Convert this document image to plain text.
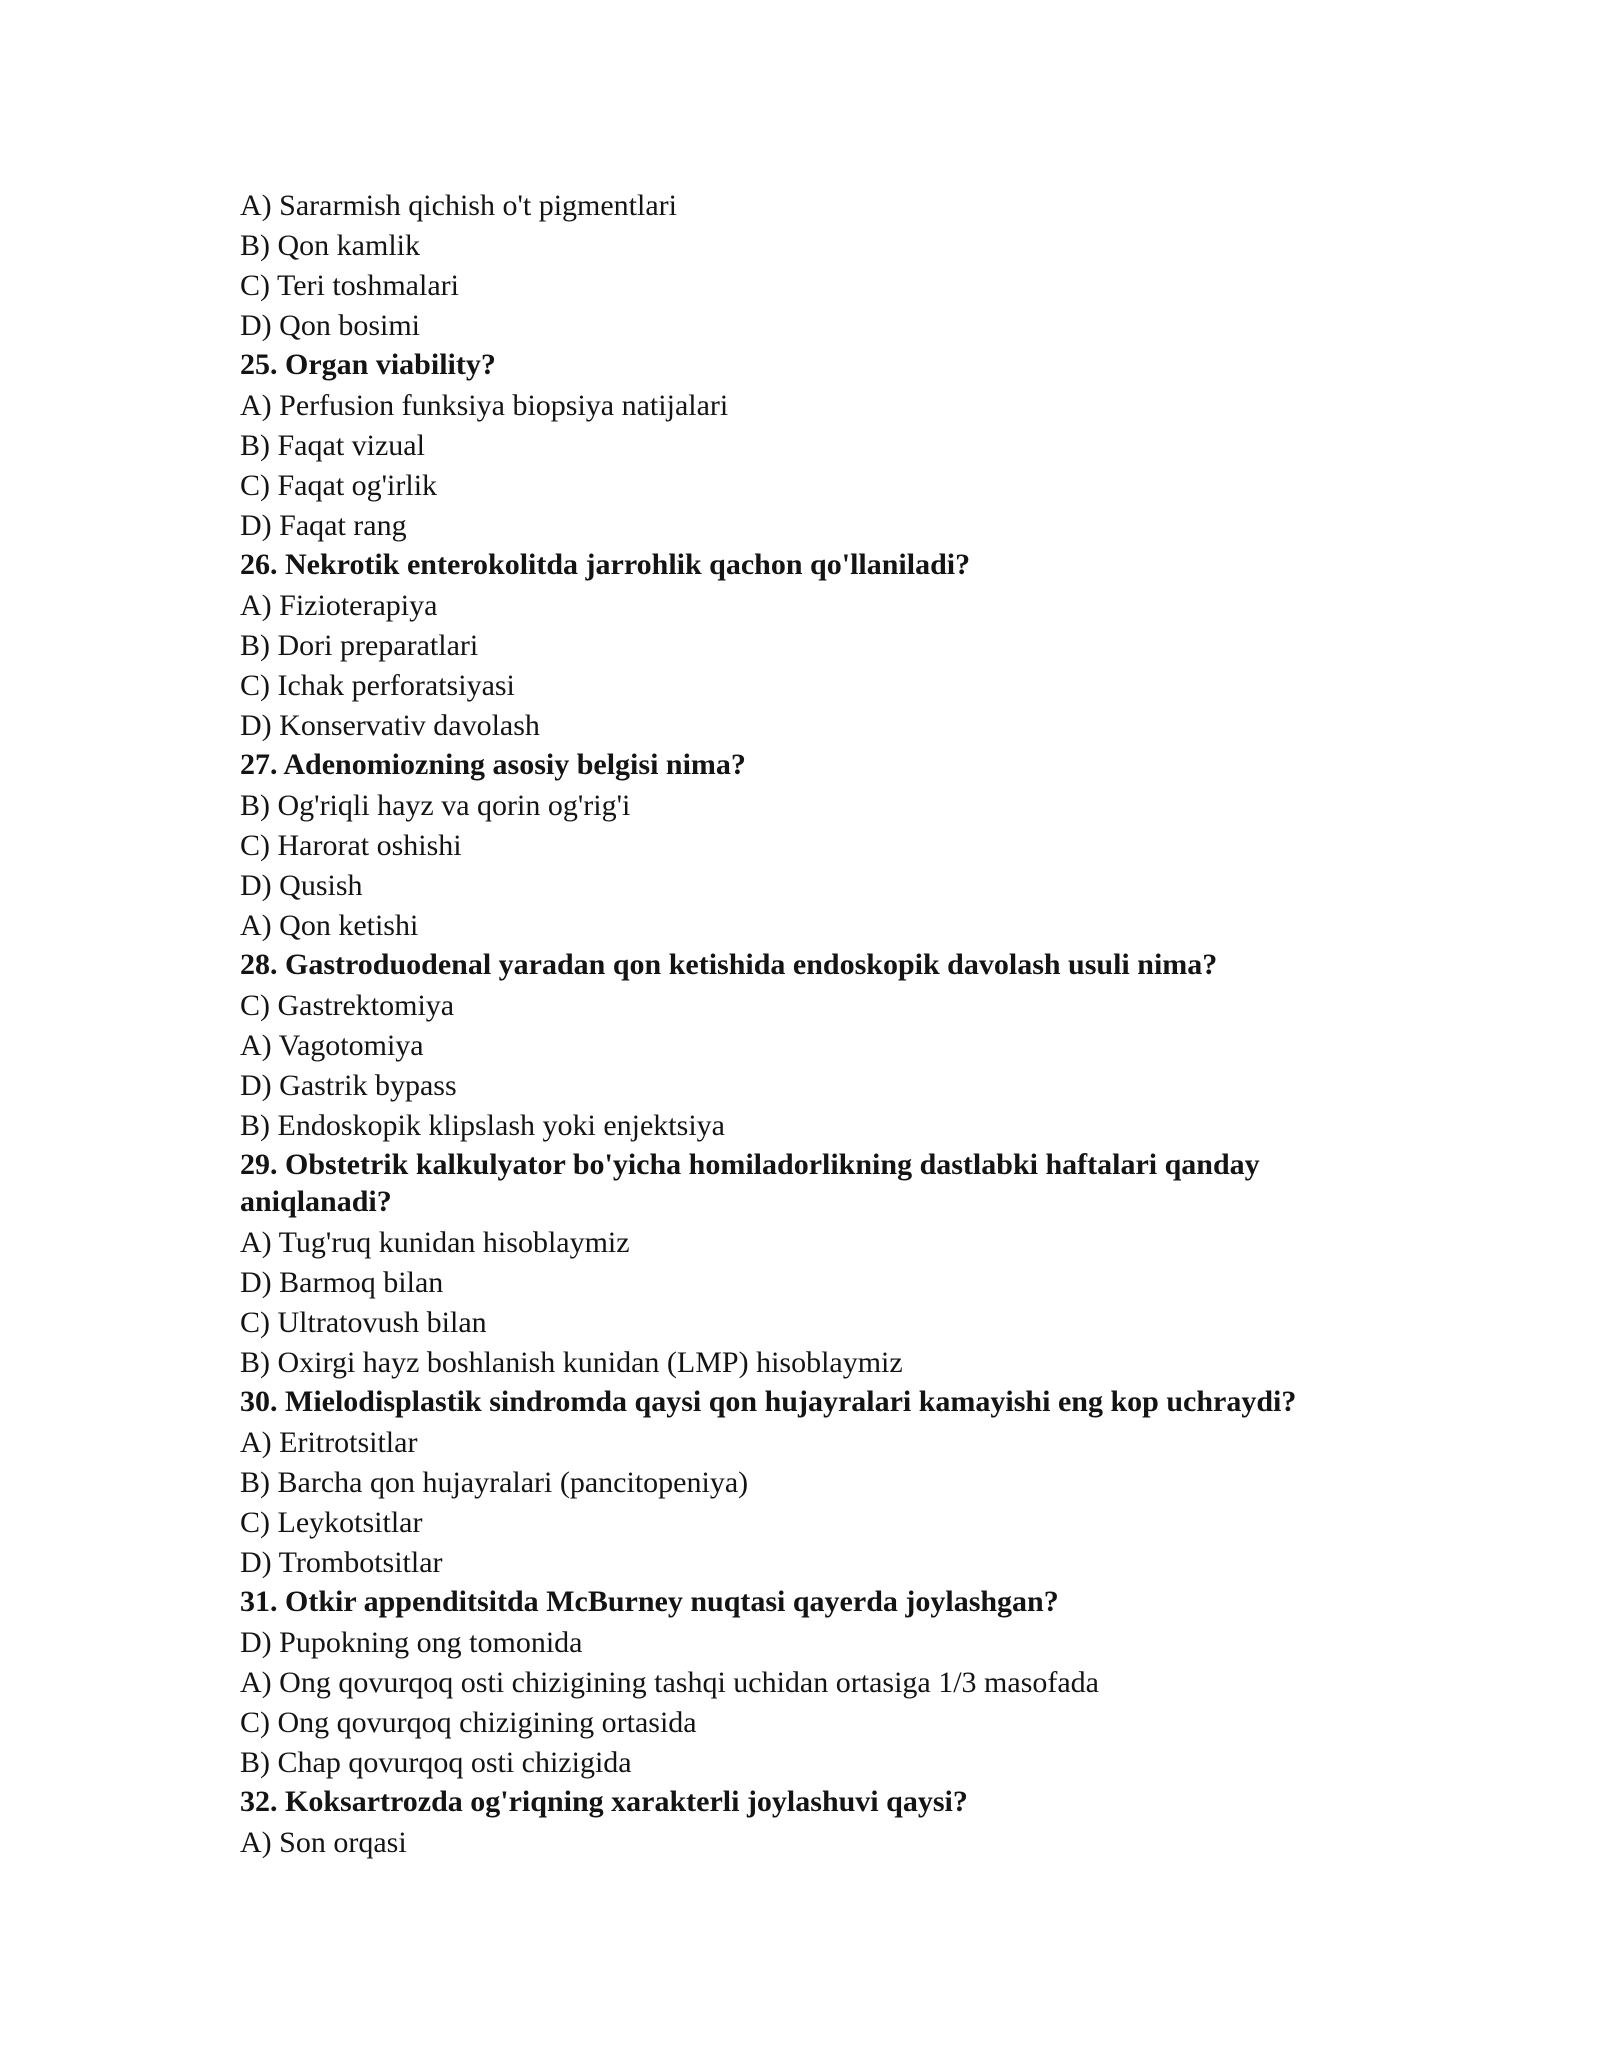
A) Sararmish qichish o't pigmentlari
B) Qon kamlik
C) Teri toshmalari
D) Qon bosimi
25. Organ viability?
A) Perfusion funksiya biopsiya natijalari
B) Faqat vizual
C) Faqat og'irlik
D) Faqat rang
26. Nekrotik enterokolitda jarrohlik qachon qo'llaniladi?
A) Fizioterapiya
B) Dori preparatlari
C) Ichak perforatsiyasi
D) Konservativ davolash
27. Adenomiozning asosiy belgisi nima?
B) Og'riqli hayz va qorin og'rig'i
C) Harorat oshishi
D) Qusish
A) Qon ketishi
28. Gastroduodenal yaradan qon ketishida endoskopik davolash usuli nima?
C) Gastrektomiya
A) Vagotomiya
D) Gastrik bypass
B) Endoskopik klipslash yoki enjektsiya
29. Obstetrik kalkulyator bo'yicha homiladorlikning dastlabki haftalari qanday aniqlanadi?
A) Tug'ruq kunidan hisoblaymiz
D) Barmoq bilan
C) Ultratovush bilan
B) Oxirgi hayz boshlanish kunidan (LMP) hisoblaymiz
30. Mielodisplastik sindromda qaysi qon hujayralari kamayishi eng kop uchraydi?
A) Eritrotsitlar
B) Barcha qon hujayralari (pancitopeniya)
C) Leykotsitlar
D) Trombotsitlar
31. Otkir appenditsitda McBurney nuqtasi qayerda joylashgan?
D) Pupokning ong tomonida
A) Ong qovurqoq osti chizigining tashqi uchidan ortasiga 1/3 masofada
C) Ong qovurqoq chizigining ortasida
B) Chap qovurqoq osti chizigida
32. Koksartrozda og'riqning xarakterli joylashuvi qaysi?
A) Son orqasi
